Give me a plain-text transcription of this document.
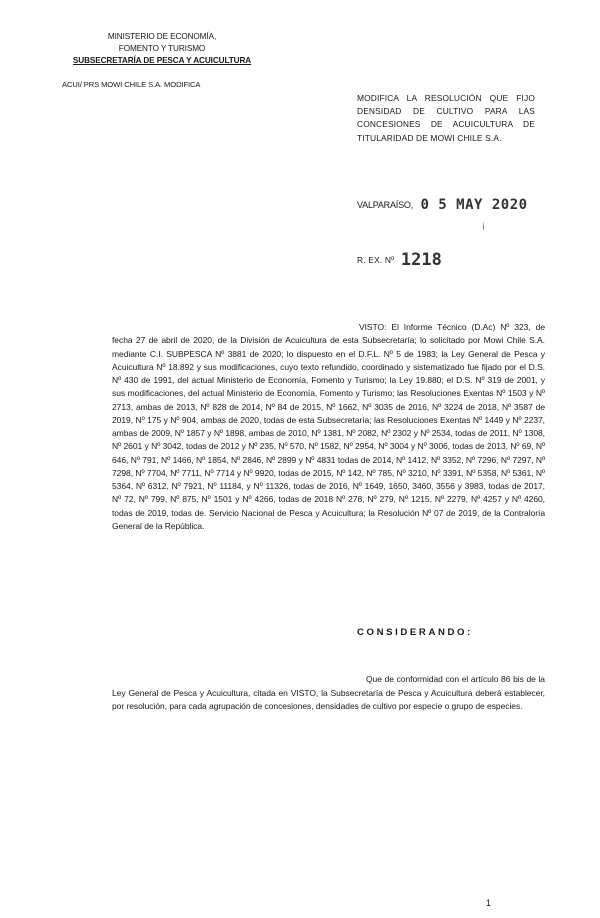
MINISTERIO DE ECONOMÍA,
FOMENTO Y TURISMO
SUBSECRETARÍA DE PESCA Y ACUICULTURA
ACUI/ PRS MOWI CHILE S.A. MODIFICA
MODIFICA LA RESOLUCIÓN QUE FIJO DENSIDAD DE CULTIVO PARA LAS CONCESIONES DE ACUICULTURA DE TITULARIDAD DE MOWI CHILE S.A.
VALPARAÍSO, 0 5 MAY 2020
ⅰ
R. EX. Nº 1218
VISTO: El Informe Técnico (D.Ac) Nº 323, de fecha 27 de abril de 2020, de la División de Acuicultura de esta Subsecretaría; lo solicitado por Mowi Chile S.A. mediante C.I. SUBPESCA Nº 3881 de 2020; lo dispuesto en el D.F.L. Nº 5 de 1983; la Ley General de Pesca y Acuicultura Nº 18.892 y sus modificaciones, cuyo texto refundido, coordinado y sistematizado fue fijado por el D.S. Nº 430 de 1991, del actual Ministerio de Economía, Fomento y Turismo; la Ley 19.880; el D.S. Nº 319 de 2001, y sus modificaciones, del actual Ministerio de Economía, Fomento y Turismo; las Resoluciones Exentas Nº 1503 y Nº 2713, ambas de 2013, Nº 828 de 2014, Nº 84 de 2015, Nº 1662, Nº 3035 de 2016, Nº 3224 de 2018, Nº 3587 de 2019, Nº 175 y Nº 904, ambas de 2020, todas de esta Subsecretaría; las Resoluciones Exentas Nº 1449 y Nº 2237, ambas de 2009, Nº 1857 y Nº 1898, ambas de 2010, Nº 1381, Nº 2082, Nº 2302 y Nº 2534, todas de 2011, Nº 1308, Nº 2601 y Nº 3042, todas de 2012 y Nº 235, Nº 570, Nº 1582, Nº 2954, Nº 3004 y Nº 3006, todas de 2013, Nº 69, Nº 646, Nº 791, Nº 1466, Nº 1854, Nº 2846, Nº 2899 y Nº 4831 todas de 2014, Nº 1412, Nº 3352, Nº 7296, Nº 7297, Nº 7298, Nº 7704, Nº 7711, Nº 7714 y Nº 9920, todas de 2015, Nº 142, Nº 785, Nº 3210, Nº 3391, Nº 5358, Nº 5361, Nº 5364, Nº 6312, Nº 7921, Nº 11184, y Nº 11326, todas de 2016, Nº 1649, 1650, 3460, 3556 y 3983, todas de 2017, Nº 72, Nº 799, Nº 875, Nº 1501 y Nº 4266, todas de 2018 Nº 278, Nº 279, Nº 1215, Nº 2279, Nº 4257 y Nº 4260, todas de 2019, todas de. Servicio Nacional de Pesca y Acuicultura; la Resolución Nº 07 de 2019, de la Contraloría General de la República.
CONSIDERANDO:
Que de conformidad con el artículo 86 bis de la Ley General de Pesca y Acuicultura, citada en VISTO, la Subsecretaría de Pesca y Acuicultura deberá establecer, por resolución, para cada agrupación de concesiones, densidades de cultivo por especie o grupo de especies.
1
